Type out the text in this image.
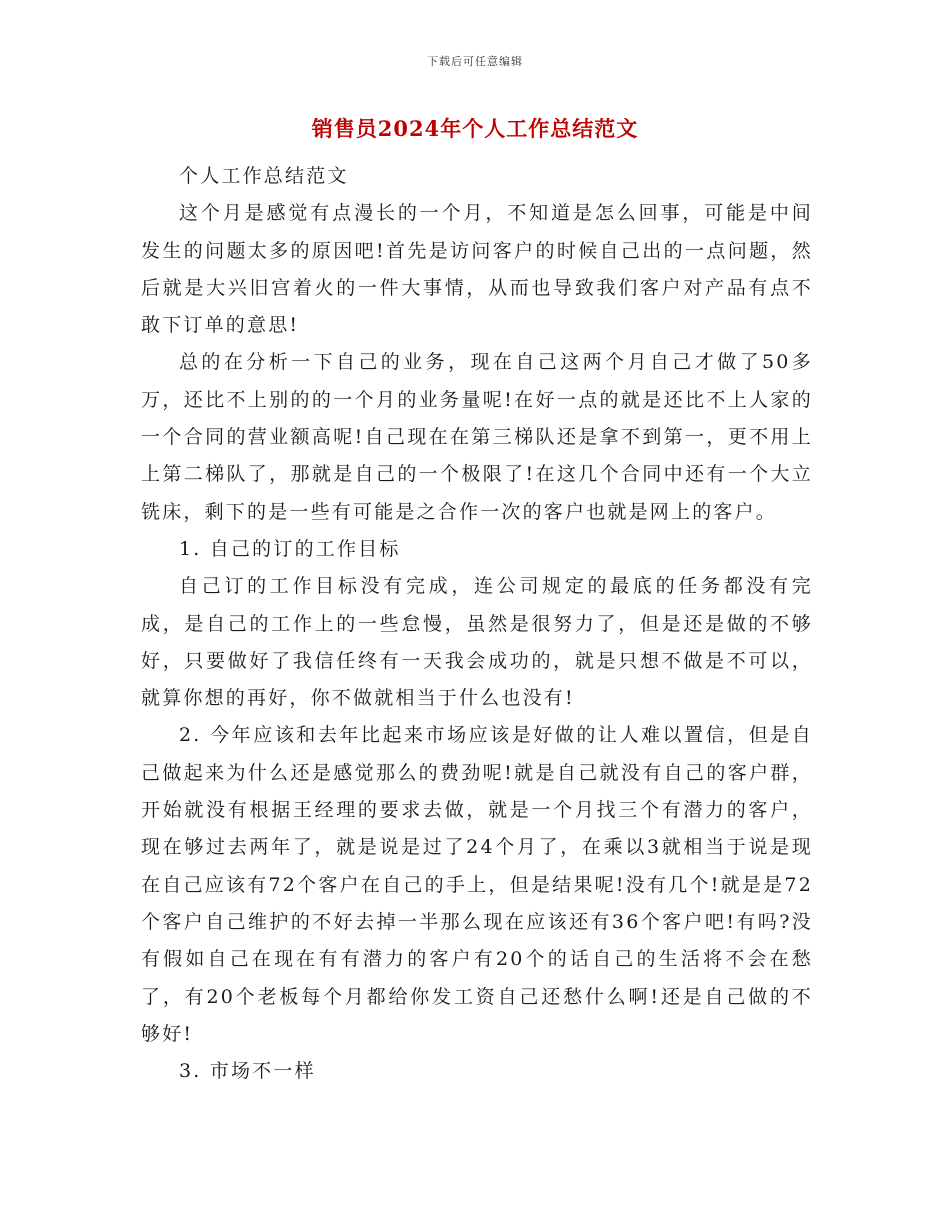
下载后可任意编辑
销售员2024年个人工作总结范文

个人工作总结范文

这个月是感觉有点漫长的一个月，不知道是怎么回事，可能是中间发生的问题太多的原因吧!首先是访问客户的时候自己出的一点问题，然后就是大兴旧宫着火的一件大事情，从而也导致我们客户对产品有点不敢下订单的意思!

总的在分析一下自己的业务，现在自己这两个月自己才做了50多万，还比不上别的的一个月的业务量呢!在好一点的就是还比不上人家的一个合同的营业额高呢!自己现在在第三梯队还是拿不到第一，更不用上上第二梯队了，那就是自己的一个极限了!在这几个合同中还有一个大立铣床，剩下的是一些有可能是之合作一次的客户也就是网上的客户。

1. 自己的订的工作目标

自己订的工作目标没有完成，连公司规定的最底的任务都没有完成，是自己的工作上的一些怠慢，虽然是很努力了，但是还是做的不够好，只要做好了我信任终有一天我会成功的，就是只想不做是不可以，就算你想的再好，你不做就相当于什么也没有!

2. 今年应该和去年比起来市场应该是好做的让人难以置信，但是自己做起来为什么还是感觉那么的费劲呢!就是自己就没有自己的客户群，开始就没有根据王经理的要求去做，就是一个月找三个有潜力的客户，现在够过去两年了，就是说是过了24个月了，在乘以3就相当于说是现在自己应该有72个客户在自己的手上，但是结果呢!没有几个!就是是72个客户自己维护的不好去掉一半那么现在应该还有36个客户吧!有吗?没有假如自己在现在有有潜力的客户有20个的话自己的生活将不会在愁了，有20个老板每个月都给你发工资自己还愁什么啊!还是自己做的不够好!

3. 市场不一样
